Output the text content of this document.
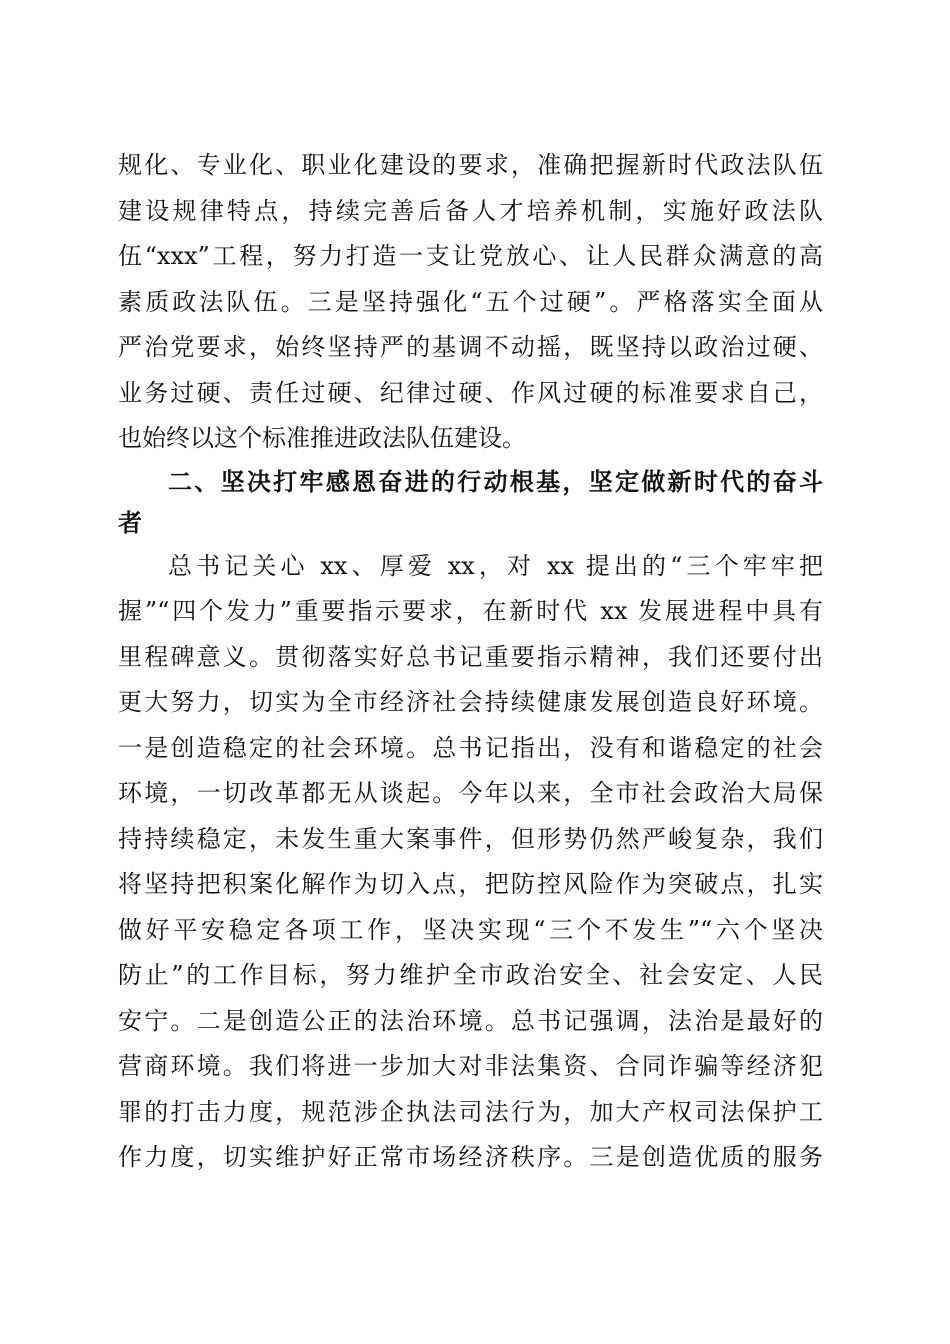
规化、专业化、职业化建设的要求，准确把握新时代政法队伍
建设规律特点，持续完善后备人才培养机制，实施好政法队
伍“xxx”工程，努力打造一支让党放心、让人民群众满意的高
素质政法队伍。三是坚持强化“五个过硬”。严格落实全面从
严治党要求，始终坚持严的基调不动摇，既坚持以政治过硬、
业务过硬、责任过硬、纪律过硬、作风过硬的标准要求自己，
也始终以这个标准推进政法队伍建设。
二、坚决打牢感恩奋进的行动根基，坚定做新时代的奋斗
者
总书记关心 xx、厚爱 xx，对 xx 提出的“三个牢牢把
握”“四个发力”重要指示要求，在新时代 xx 发展进程中具有
里程碑意义。贯彻落实好总书记重要指示精神，我们还要付出
更大努力，切实为全市经济社会持续健康发展创造良好环境。
一是创造稳定的社会环境。总书记指出，没有和谐稳定的社会
环境，一切改革都无从谈起。今年以来，全市社会政治大局保
持持续稳定，未发生重大案事件，但形势仍然严峻复杂，我们
将坚持把积案化解作为切入点，把防控风险作为突破点，扎实
做好平安稳定各项工作，坚决实现“三个不发生”“六个坚决
防止”的工作目标，努力维护全市政治安全、社会安定、人民
安宁。二是创造公正的法治环境。总书记强调，法治是最好的
营商环境。我们将进一步加大对非法集资、合同诈骗等经济犯
罪的打击力度，规范涉企执法司法行为，加大产权司法保护工
作力度，切实维护好正常市场经济秩序。三是创造优质的服务
